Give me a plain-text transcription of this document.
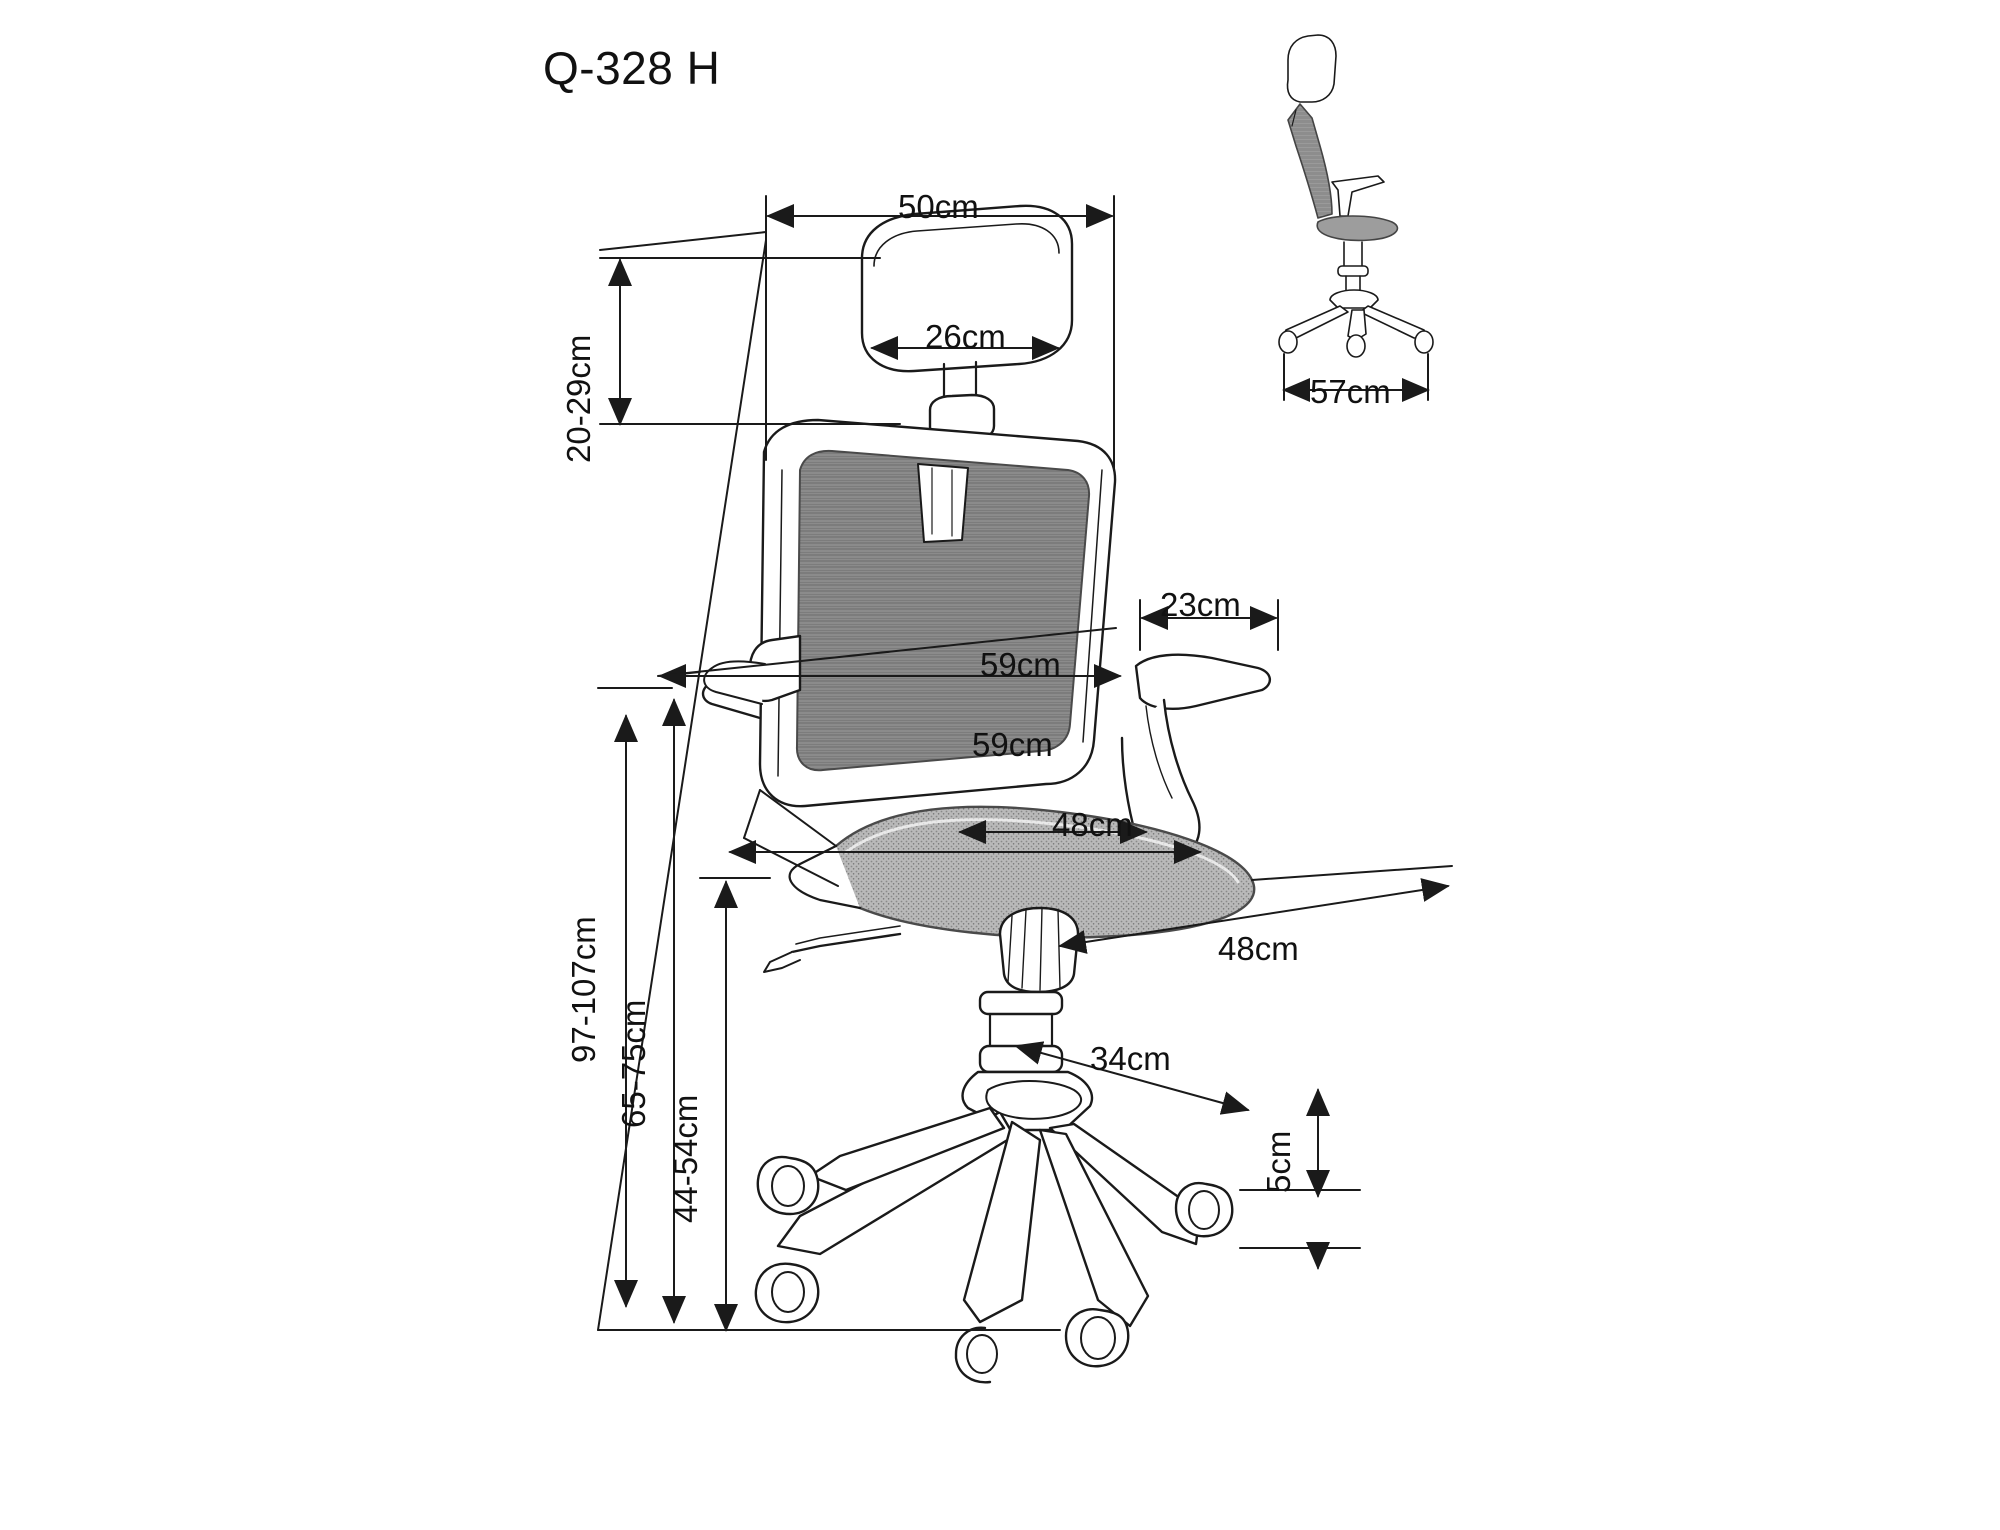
Q-328 H
50cm
26cm
20-29cm
23cm
59cm
59cm
48cm
48cm
34cm
5cm
97-107cm
65-75cm
44-54cm
57cm
